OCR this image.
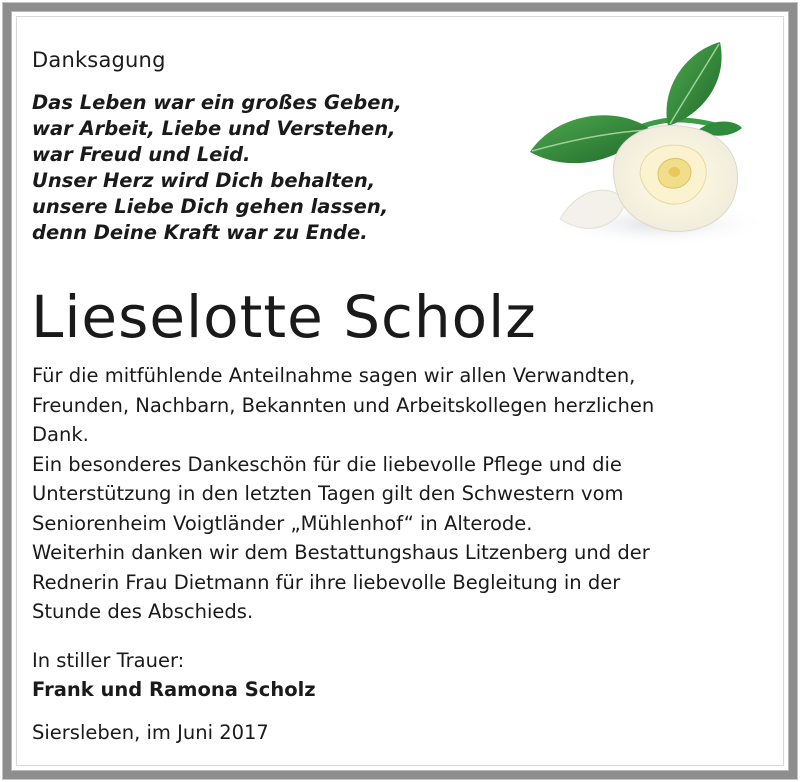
Danksagung
Das Leben war ein großes Geben,
war Arbeit, Liebe und Verstehen,
war Freud und Leid.
Unser Herz wird Dich behalten,
unsere Liebe Dich gehen lassen,
denn Deine Kraft war zu Ende.
Lieselotte Scholz
Für die mitfühlende Anteilnahme sagen wir allen Verwandten,
Freunden, Nachbarn, Bekannten und Arbeitskollegen herzlichen
Dank.
Ein besonderes Dankeschön für die liebevolle Pflege und die
Unterstützung in den letzten Tagen gilt den Schwestern vom
Seniorenheim Voigtländer „Mühlenhof“ in Alterode.
Weiterhin danken wir dem Bestattungshaus Litzenberg und der
Rednerin Frau Dietmann für ihre liebevolle Begleitung in der
Stunde des Abschieds.
In stiller Trauer:
Frank und Ramona Scholz
Siersleben, im Juni 2017
